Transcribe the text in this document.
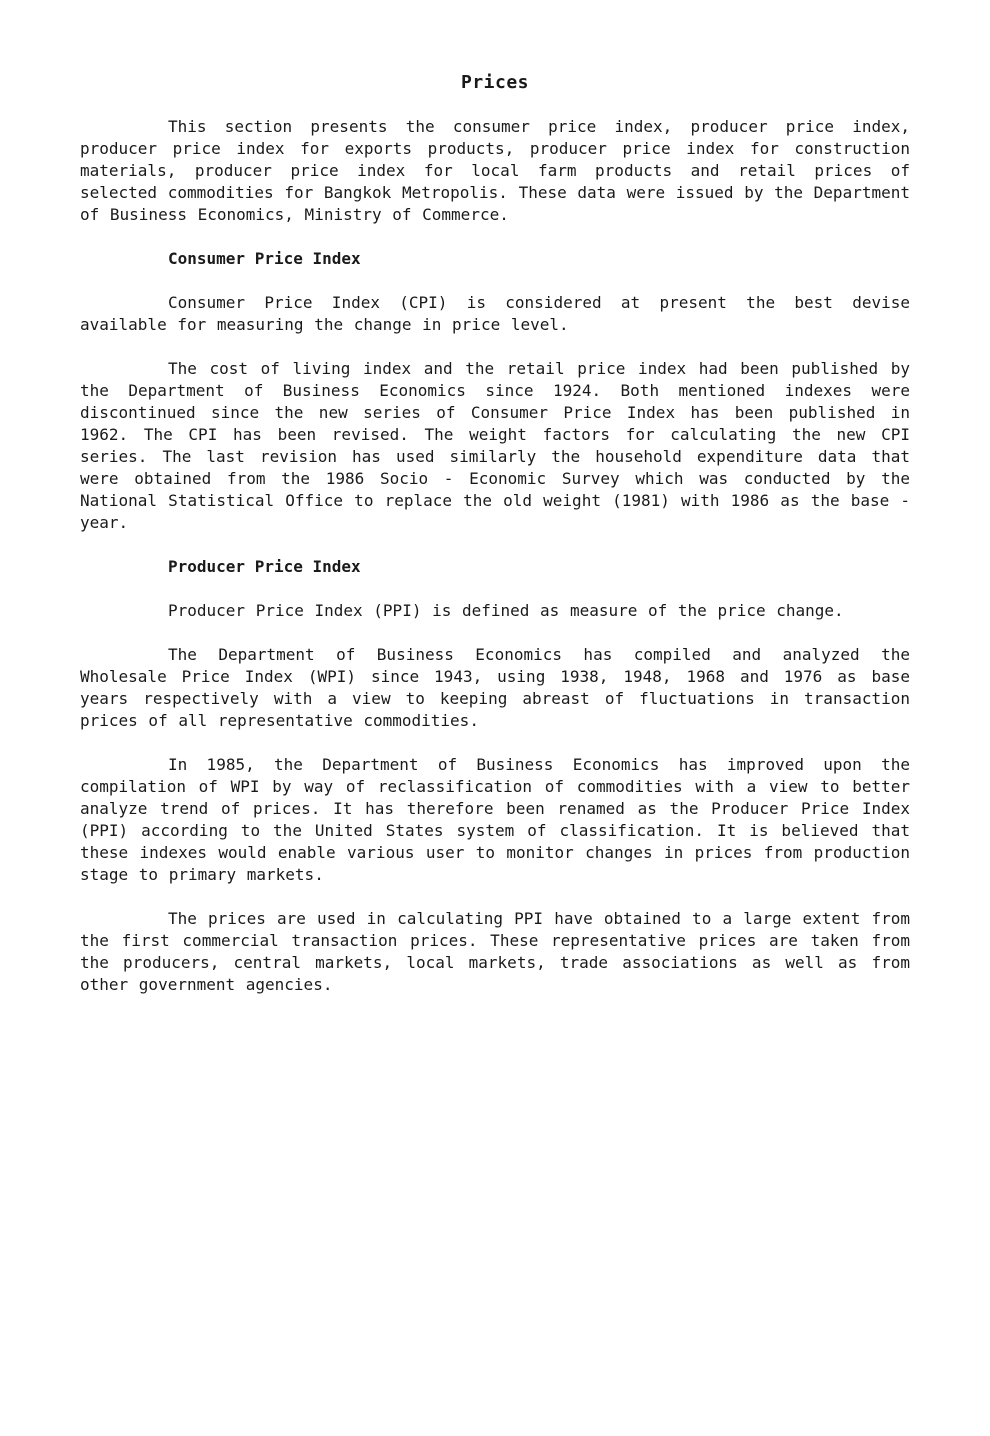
Prices

This section presents the consumer price index, producer price index, producer price index for exports products, producer price index for construction materials, producer price index for local farm products and retail prices of selected commodities for Bangkok Metropolis. These data were issued by the Department of Business Economics, Ministry of Commerce.

Consumer Price Index

Consumer Price Index (CPI) is considered at present the best devise available for measuring the change in price level.

The cost of living index and the retail price index had been published by the Department of Business Economics since 1924. Both mentioned indexes were discontinued since the new series of Consumer Price Index has been published in 1962. The CPI has been revised. The weight factors for calculating the new CPI series. The last revision has used similarly the household expenditure data that were obtained from the 1986 Socio - Economic Survey which was conducted by the National Statistical Office to replace the old weight (1981) with 1986 as the base - year.

Producer Price Index

Producer Price Index (PPI) is defined as measure of the price change.

The Department of Business Economics has compiled and analyzed the Wholesale Price Index (WPI) since 1943, using 1938, 1948, 1968 and 1976 as base years respectively with a view to keeping abreast of fluctuations in transaction prices of all representative commodities.

In 1985, the Department of Business Economics has improved upon the compilation of WPI by way of reclassification of commodities with a view to better analyze trend of prices. It has therefore been renamed as the Producer Price Index (PPI) according to the United States system of classification. It is believed that these indexes would enable various user to monitor changes in prices from production stage to primary markets.

The prices are used in calculating PPI have obtained to a large extent from the first commercial transaction prices. These representative prices are taken from the producers, central markets, local markets, trade associations as well as from other government agencies.
